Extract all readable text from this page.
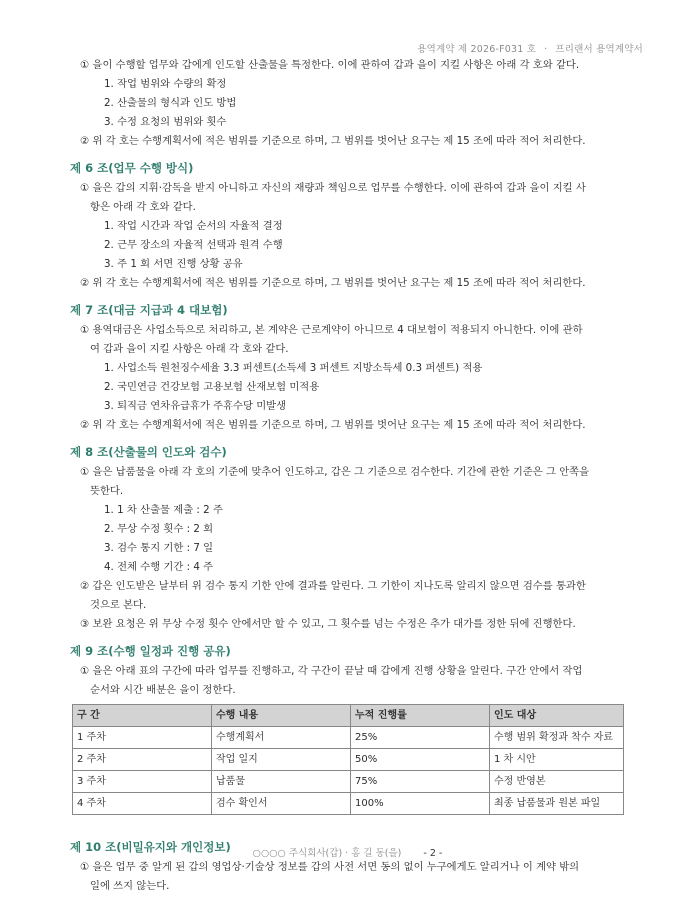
용역계약 제 2026-F031 호 · 프리랜서 용역계약서

① 을이 수행할 업무와 갑에게 인도할 산출물을 특정한다. 이에 관하여 갑과 을이 지킬 사항은 아래 각 호와 같다.

1. 작업 범위와 수량의 확정

2. 산출물의 형식과 인도 방법

3. 수정 요청의 범위와 횟수

② 위 각 호는 수행계획서에 적은 범위를 기준으로 하며, 그 범위를 벗어난 요구는 제 15 조에 따라 적어 처리한다.

제 6 조(업무 수행 방식)

① 을은 갑의 지휘·감독을 받지 아니하고 자신의 재량과 책임으로 업무를 수행한다. 이에 관하여 갑과 을이 지킬 사

항은 아래 각 호와 같다.

1. 작업 시간과 작업 순서의 자율적 결정

2. 근무 장소의 자율적 선택과 원격 수행

3. 주 1 회 서면 진행 상황 공유

② 위 각 호는 수행계획서에 적은 범위를 기준으로 하며, 그 범위를 벗어난 요구는 제 15 조에 따라 적어 처리한다.

제 7 조(대금 지급과 4 대보험)

① 용역대금은 사업소득으로 처리하고, 본 계약은 근로계약이 아니므로 4 대보험이 적용되지 아니한다. 이에 관하

여 갑과 을이 지킬 사항은 아래 각 호와 같다.

1. 사업소득 원천징수세율 3.3 퍼센트(소득세 3 퍼센트 지방소득세 0.3 퍼센트) 적용

2. 국민연금 건강보험 고용보험 산재보험 미적용

3. 퇴직금 연차유급휴가 주휴수당 미발생

② 위 각 호는 수행계획서에 적은 범위를 기준으로 하며, 그 범위를 벗어난 요구는 제 15 조에 따라 적어 처리한다.

제 8 조(산출물의 인도와 검수)

① 을은 납품물을 아래 각 호의 기준에 맞추어 인도하고, 갑은 그 기준으로 검수한다. 기간에 관한 기준은 그 안쪽을

뜻한다.

1. 1 차 산출물 제출 : 2 주

2. 무상 수정 횟수 : 2 회

3. 검수 통지 기한 : 7 일

4. 전체 수행 기간 : 4 주

② 갑은 인도받은 날부터 위 검수 통지 기한 안에 결과를 알린다. 그 기한이 지나도록 알리지 않으면 검수를 통과한

것으로 본다.

③ 보완 요청은 위 무상 수정 횟수 안에서만 할 수 있고, 그 횟수를 넘는 수정은 추가 대가를 정한 뒤에 진행한다.

제 9 조(수행 일정과 진행 공유)

① 을은 아래 표의 구간에 따라 업무를 진행하고, 각 구간이 끝날 때 갑에게 진행 상황을 알린다. 구간 안에서 작업

순서와 시간 배분은 을이 정한다.

구 간	수행 내용	누적 진행률	인도 대상
1 주차	수행계획서	25%	수행 범위 확정과 착수 자료
2 주차	작업 일지	50%	1 차 시안
3 주차	납품물	75%	수정 반영본
4 주차	검수 확인서	100%	최종 납품물과 원본 파일
제 10 조(비밀유지와 개인정보)

① 을은 업무 중 알게 된 갑의 영업상·기술상 정보를 갑의 사전 서면 동의 없이 누구에게도 알리거나 이 계약 밖의

일에 쓰지 않는다.

○○○○ 주식회사(갑) · 홍 길 동(을) - 2 -
